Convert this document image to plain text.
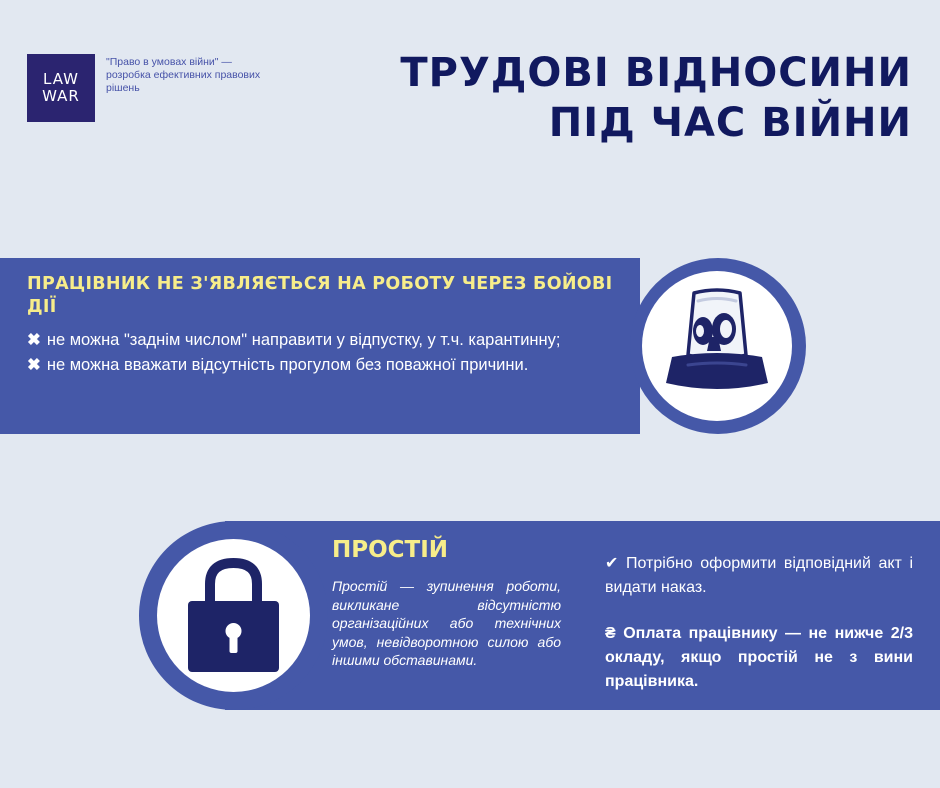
LAW
WAR
"Право в умовах війни" — розробка ефективних правових рішень	ТРУДОВІ ВІДНОСИНИ
ПІД ЧАС ВІЙНИ
ПРАЦІВНИК НЕ З'ЯВЛЯЄТЬСЯ НА РОБОТУ ЧЕРЕЗ БОЙОВІ ДІЇ
✖ не можна "заднім числом" направити у відпустку, у т.ч. карантинну;
✖ не можна вважати відсутність прогулом без поважної причини.
ПРОСТІЙ
Простій — зупинення роботи, викликане відсутністю організаційних або технічних умов, невідворотною силою або іншими обставинами.

✔ Потрібно оформити відповідний акт і видати наказ.

₴ Оплата працівнику — не нижче 2/3 окладу, якщо простій не з вини працівника.
